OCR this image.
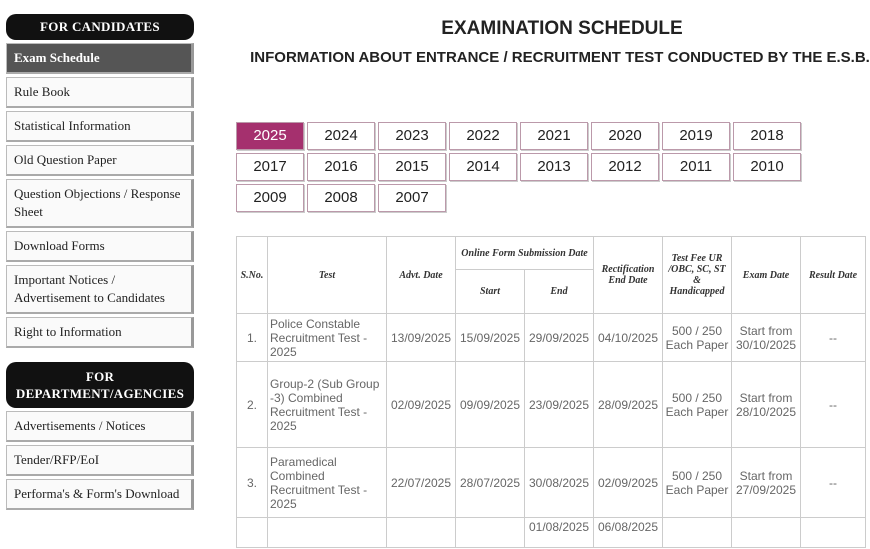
FOR CANDIDATES
Exam Schedule
Rule Book
Statistical Information
Old Question Paper
Question Objections / Response Sheet
Download Forms
Important Notices / Advertisement to Candidates
Right to Information
FOR
DEPARTMENT/AGENCIES
Advertisements / Notices
Tender/RFP/EoI
Performa's & Form's Download
EXAMINATION SCHEDULE
INFORMATION ABOUT ENTRANCE / RECRUITMENT TEST CONDUCTED BY THE E.S.B.
2025	2024	2023	2022	2021	2020	2019	2018
2017	2016	2015	2014	2013	2012	2011	2010
2009	2008	2007
S.No.	Test	Advt. Date	Online Form Submission Date		Rectification End Date	Test Fee UR /OBC, SC, ST & Handicapped	Exam Date	Result Date
			Start	End				
1.	Police Constable Recruitment Test - 2025	13/09/2025	15/09/2025	29/09/2025	04/10/2025	500 / 250 Each Paper	Start from 30/10/2025	--
2.	Group-2 (Sub Group -3) Combined Recruitment Test - 2025	02/09/2025	09/09/2025	23/09/2025	28/09/2025	500 / 250 Each Paper	Start from 28/10/2025	--
3.	Paramedical Combined Recruitment Test - 2025	22/07/2025	28/07/2025	30/08/2025	02/09/2025	500 / 250 Each Paper	Start from 27/09/2025	--
				01/08/2025	06/08/2025			
